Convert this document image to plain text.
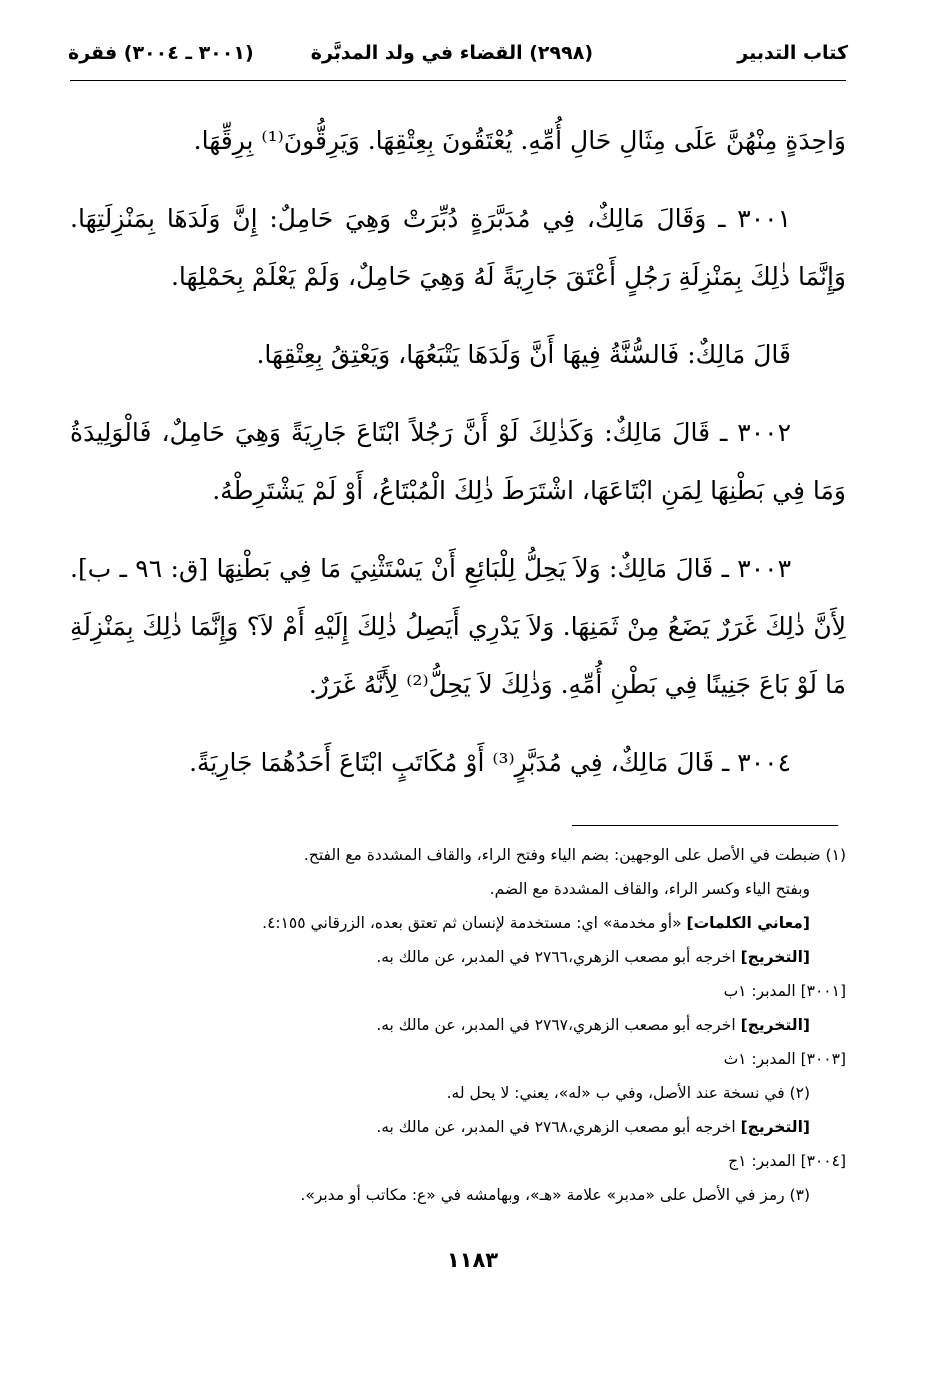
كتاب التدبير
(٢٩٩٨) القضاء في ولد المدبَّرة
(٣٠٠١ ـ ٣٠٠٤) فقرة

وَاحِدَةٍ مِنْهُنَّ عَلَى مِثَالِ حَالِ أُمِّهِ. يُعْتَقُونَ بِعِتْقِهَا. وَيَرِقُّونَ⁽¹⁾ بِرِقِّهَا.

٣٠٠١ ـ وَقَالَ مَالِكٌ، فِي مُدَبَّرَةٍ دُبِّرَتْ وَهِيَ حَامِلٌ: إِنَّ وَلَدَهَا بِمَنْزِلَتِهَا. وَإِنَّمَا ذٰلِكَ بِمَنْزِلَةِ رَجُلٍ أَعْتَقَ جَارِيَةً لَهُ وَهِيَ حَامِلٌ، وَلَمْ يَعْلَمْ بِحَمْلِهَا.

قَالَ مَالِكٌ: فَالسُّنَّةُ فِيهَا أَنَّ وَلَدَهَا يَتْبَعُهَا، وَيَعْتِقُ بِعِتْقِهَا.

٣٠٠٢ ـ قَالَ مَالِكٌ: وَكَذٰلِكَ لَوْ أَنَّ رَجُلاً ابْتَاعَ جَارِيَةً وَهِيَ حَامِلٌ، فَالْوَلِيدَةُ وَمَا فِي بَطْنِهَا لِمَنِ ابْتَاعَهَا، اشْتَرَطَ ذٰلِكَ الْمُبْتَاعُ، أَوْ لَمْ يَشْتَرِطْهُ.

٣٠٠٣ ـ قَالَ مَالِكٌ: وَلاَ يَحِلُّ لِلْبَائِعِ أَنْ يَسْتَثْنِيَ مَا فِي بَطْنِهَا [ق: ٩٦ ـ ب]. لِأَنَّ ذٰلِكَ غَرَرٌ يَضَعُ مِنْ ثَمَنِهَا. وَلاَ يَدْرِي أَيَصِلُ ذٰلِكَ إِلَيْهِ أَمْ لاَ؟ وَإِنَّمَا ذٰلِكَ بِمَنْزِلَةِ مَا لَوْ بَاعَ جَنِينًا فِي بَطْنِ أُمِّهِ. وَذٰلِكَ لاَ يَحِلُّ⁽²⁾ لِأَنَّهُ غَرَرٌ.

٣٠٠٤ ـ قَالَ مَالِكٌ، فِي مُدَبَّرٍ⁽³⁾ أَوْ مُكَاتَبٍ ابْتَاعَ أَحَدُهُمَا جَارِيَةً.

(١) ضبطت في الأصل على الوجهين: بضم الياء وفتح الراء، والقاف المشددة مع الفتح.

وبفتح الياء وكسر الراء، والقاف المشددة مع الضم.

[معاني الكلمات] «أو مخدمة» اي: مستخدمة لإنسان ثم تعتق بعده، الزرقاني ٤:١٥٥.

[التخريج] اخرجه أبو مصعب الزهري،٢٧٦٦ في المدبر، عن مالك به.

[٣٠٠١] المدبر: ١ب

[التخريج] اخرجه أبو مصعب الزهري،٢٧٦٧ في المدبر، عن مالك به.

[٣٠٠٣] المدبر: ١ث

(٢) في نسخة عند الأصل، وفي ب «له»، يعني: لا يحل له.

[التخريج] اخرجه أبو مصعب الزهري،٢٧٦٨ في المدبر، عن مالك به.

[٣٠٠٤] المدبر: ١ج

(٣) رمز في الأصل على «مدبر» علامة «هـ»، وبهامشه في «ع: مكاتب أو مدبر».

١١٨٣
